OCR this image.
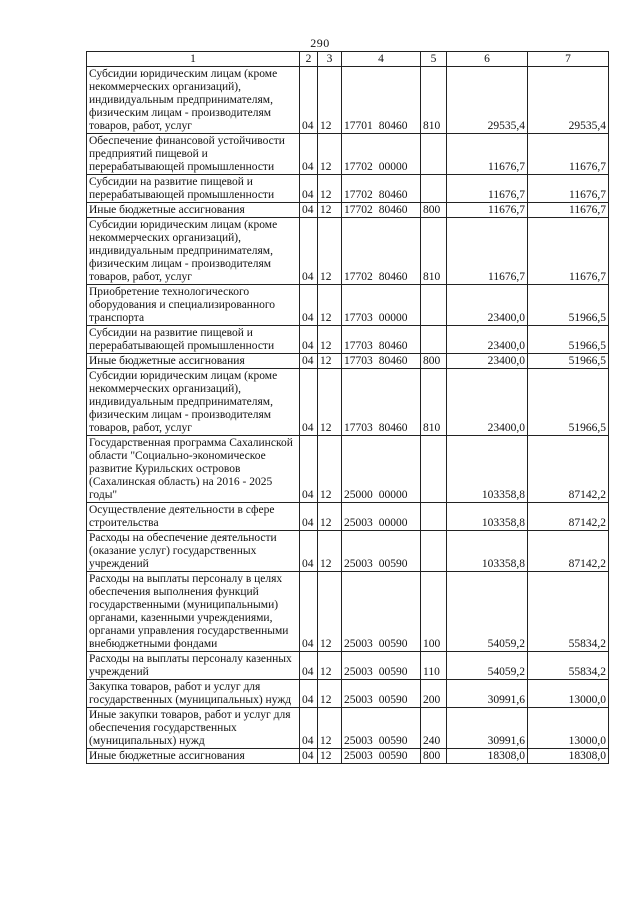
290
1	2	3	4	5	6	7
Субсидии юридическим лицам (кроме некоммерческих организаций), индивидуальным предпринимателям, физическим лицам - производителям товаров, работ, услуг	04	12	17701 80460	810	29535,4	29535,4
Обеспечение финансовой устойчивости предприятий пищевой и перерабатывающей промышленности	04	12	17702 00000		11676,7	11676,7
Субсидии на развитие пищевой и перерабатывающей промышленности	04	12	17702 80460		11676,7	11676,7
Иные бюджетные ассигнования	04	12	17702 80460	800	11676,7	11676,7
Субсидии юридическим лицам (кроме некоммерческих организаций), индивидуальным предпринимателям, физическим лицам - производителям товаров, работ, услуг	04	12	17702 80460	810	11676,7	11676,7
Приобретение технологического оборудования и специализированного транспорта	04	12	17703 00000		23400,0	51966,5
Субсидии на развитие пищевой и перерабатывающей промышленности	04	12	17703 80460		23400,0	51966,5
Иные бюджетные ассигнования	04	12	17703 80460	800	23400,0	51966,5
Субсидии юридическим лицам (кроме некоммерческих организаций), индивидуальным предпринимателям, физическим лицам - производителям товаров, работ, услуг	04	12	17703 80460	810	23400,0	51966,5
Государственная программа Сахалинской области "Социально-экономическое развитие Курильских островов (Сахалинская область) на 2016 - 2025 годы"	04	12	25000 00000		103358,8	87142,2
Осуществление деятельности в сфере строительства	04	12	25003 00000		103358,8	87142,2
Расходы на обеспечение деятельности (оказание услуг) государственных учреждений	04	12	25003 00590		103358,8	87142,2
Расходы на выплаты персоналу в целях обеспечения выполнения функций государственными (муниципальными) органами, казенными учреждениями, органами управления государственными внебюджетными фондами	04	12	25003 00590	100	54059,2	55834,2
Расходы на выплаты персоналу казенных учреждений	04	12	25003 00590	110	54059,2	55834,2
Закупка товаров, работ и услуг для государственных (муниципальных) нужд	04	12	25003 00590	200	30991,6	13000,0
Иные закупки товаров, работ и услуг для обеспечения государственных (муниципальных) нужд	04	12	25003 00590	240	30991,6	13000,0
Иные бюджетные ассигнования	04	12	25003 00590	800	18308,0	18308,0
